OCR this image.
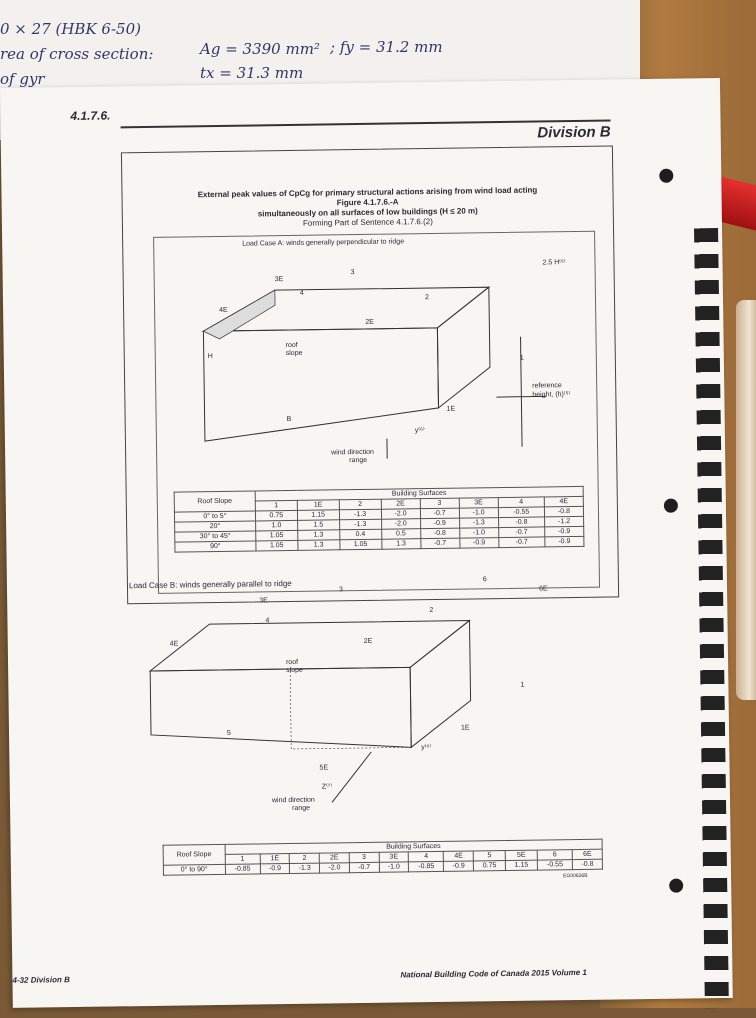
0 × 27 (HBK 6-50)
rea of cross section:	Ag = 3390 mm² ; fy = 31.2 mm
of gyr	tx = 31.3 mm
4.1.7.6.
Division B
External peak values of CpCg for primary structural actions arising from wind load acting
Figure 4.1.7.6.-A
simultaneously on all surfaces of low buildings (H ≤ 20 m)
Forming Part of Sentence 4.1.7.6.(2)
Load Case A: winds generally perpendicular to ridge
3E
3
4
4E
2
2E
1
1E
H
B
roof
slope
2.5 H⁽⁶⁾
reference
height, (h)⁽⁵⁾
y⁽⁶⁾
wind direction
range
Roof Slope	Building Surfaces							
	1	1E	2	2E	3	3E	4	4E
0° to 5°	0.75	1.15	-1.3	-2.0	-0.7	-1.0	-0.55	-0.8
20°	1.0	1.5	-1.3	-2.0	-0.9	-1.3	-0.8	-1.2
30° to 45°	1.05	1.3	0.4	0.5	-0.8	-1.0	-0.7	-0.9
90°	1.05	1.3	1.05	1.3	-0.7	-0.9	-0.7	-0.9
Load Case B: winds generally parallel to ridge
3E
3
4
4E
2
2E
1
1E
5
5E
6
6E
roof
slope
y⁽⁶⁾
Z⁽⁷⁾
wind direction
range
Roof Slope	Building Surfaces											
	1	1E	2	2E	3	3E	4	4E	5	5E	6	6E
0° to 90°	-0.85	-0.9	-1.3	-2.0	-0.7	-1.0	-0.85	-0.9	0.75	1.15	-0.55	-0.8
EG00626B
4-32 Division B
National Building Code of Canada 2015 Volume 1
